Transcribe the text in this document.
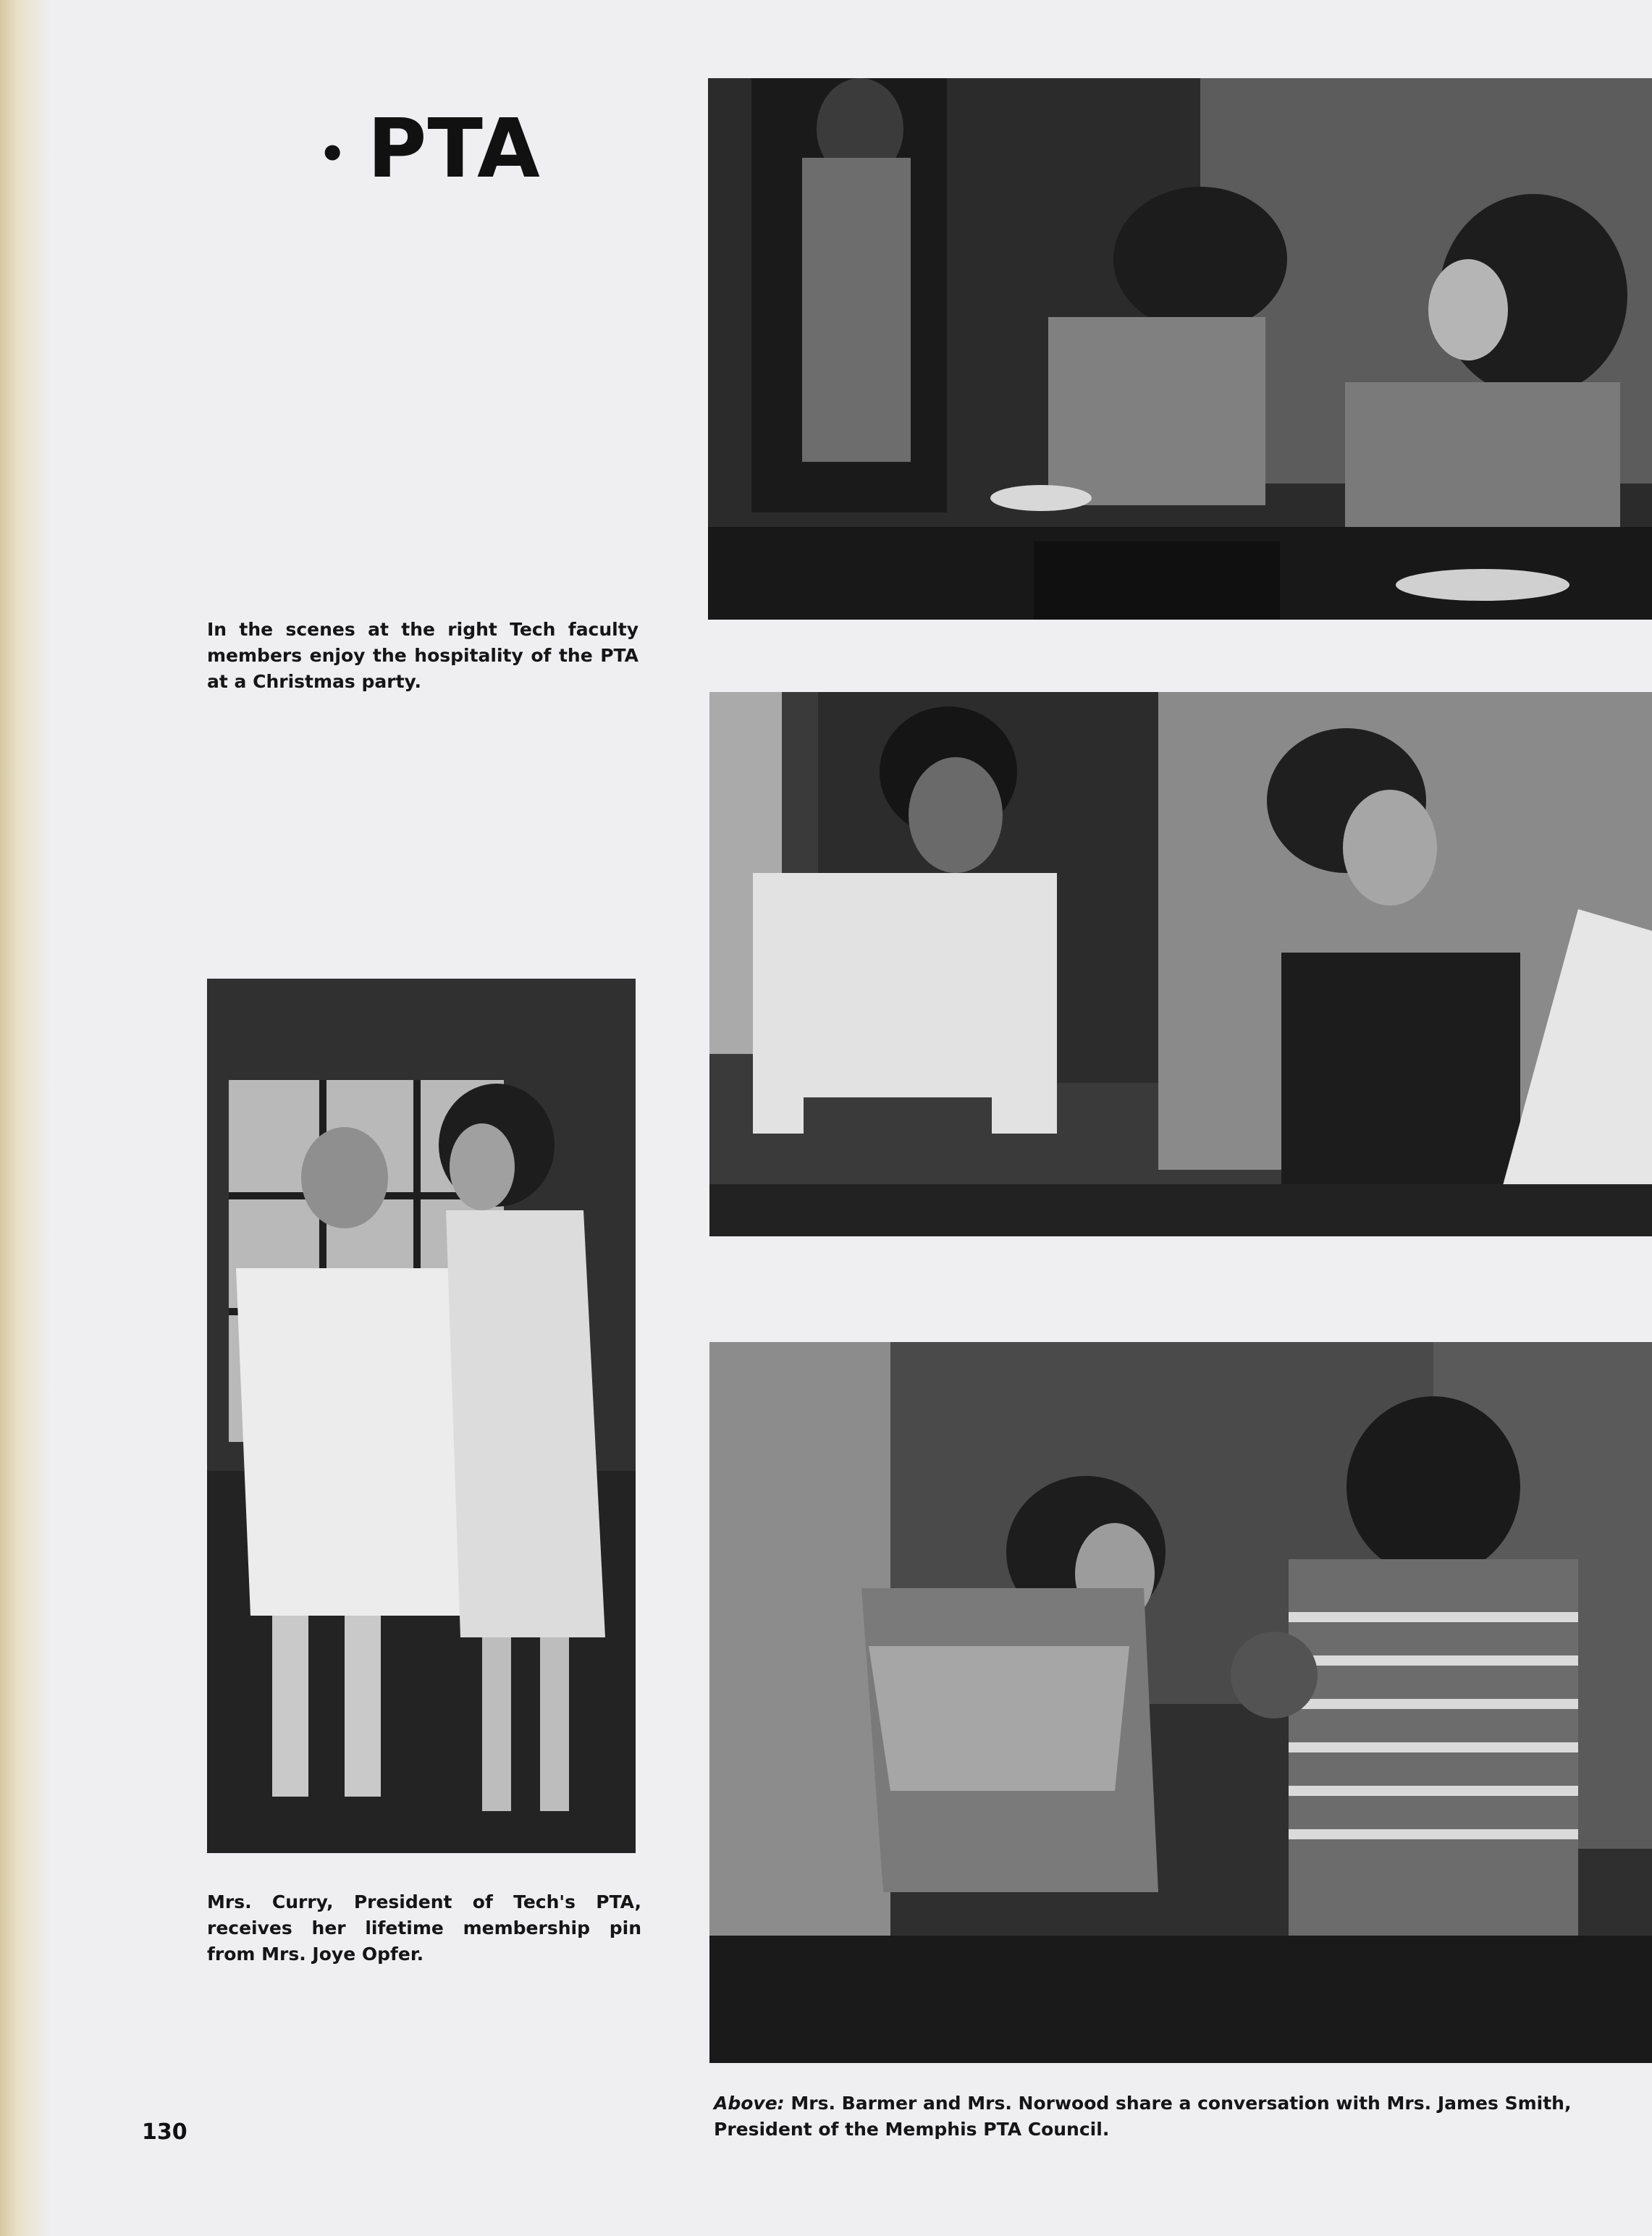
• PTA
In the scenes at the right Tech faculty members enjoy the hospitality of the PTA at a Christmas party.
Mrs. Curry, President of Tech's PTA, receives her lifetime membership pin from Mrs. Joye Opfer.
Above: Mrs. Barmer and Mrs. Norwood share a conversation with Mrs. James Smith, President of the Memphis PTA Council.
130
